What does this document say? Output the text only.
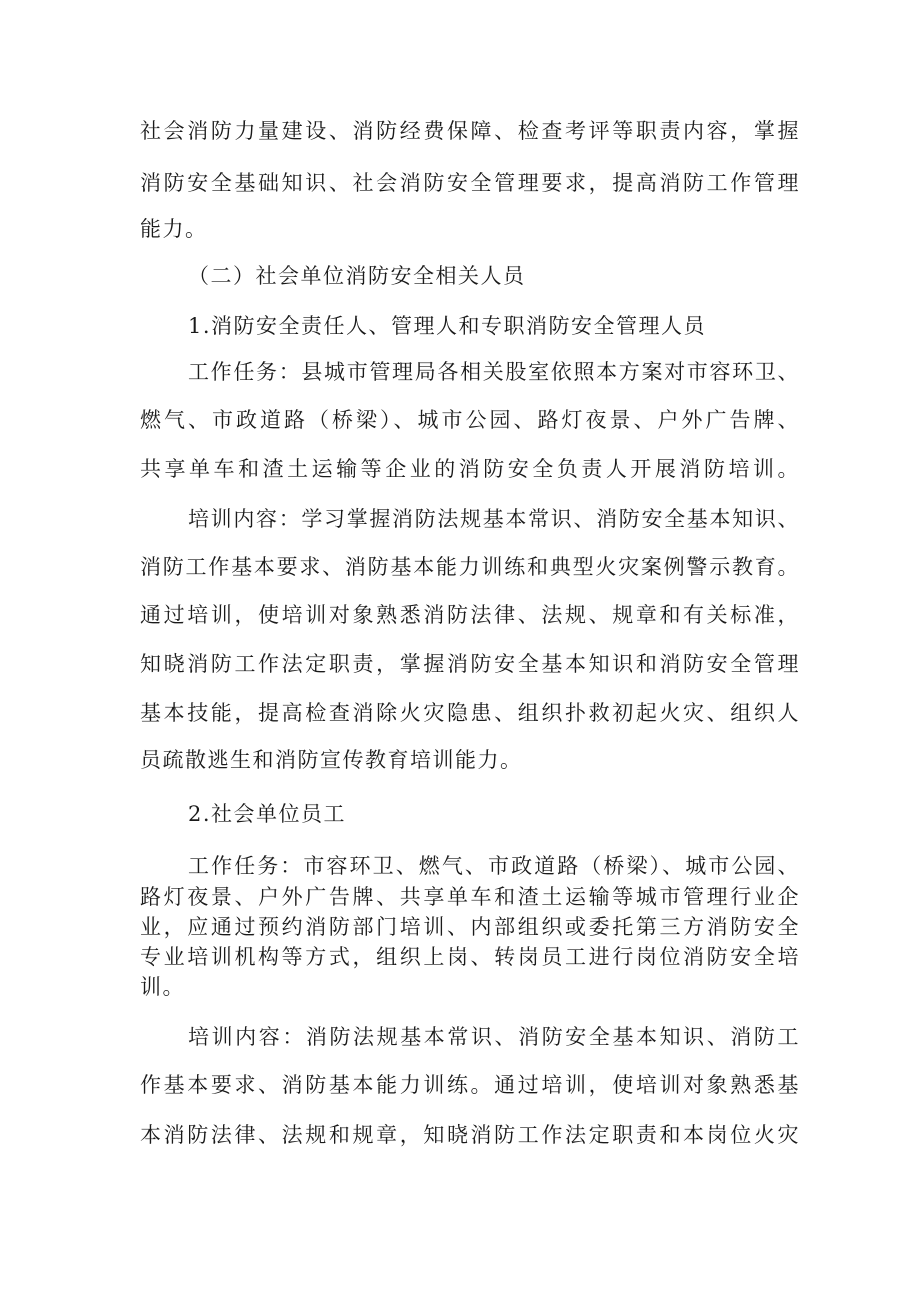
社会消防力量建设、消防经费保障、检查考评等职责内容，掌握
消防安全基础知识、社会消防安全管理要求，提高消防工作管理
能力。
（二）社会单位消防安全相关人员
1.消防安全责任人、管理人和专职消防安全管理人员
工作任务：县城市管理局各相关股室依照本方案对市容环卫、
燃气、市政道路（桥梁）、城市公园、路灯夜景、户外广告牌、
共享单车和渣土运输等企业的消防安全负责人开展消防培训。
培训内容：学习掌握消防法规基本常识、消防安全基本知识、
消防工作基本要求、消防基本能力训练和典型火灾案例警示教育。
通过培训，使培训对象熟悉消防法律、法规、规章和有关标准，
知晓消防工作法定职责，掌握消防安全基本知识和消防安全管理
基本技能，提高检查消除火灾隐患、组织扑救初起火灾、组织人
员疏散逃生和消防宣传教育培训能力。
2.社会单位员工
工作任务：市容环卫、燃气、市政道路（桥梁）、城市公园、
路灯夜景、户外广告牌、共享单车和渣土运输等城市管理行业企
业，应通过预约消防部门培训、内部组织或委托第三方消防安全
专业培训机构等方式，组织上岗、转岗员工进行岗位消防安全培
训。
培训内容：消防法规基本常识、消防安全基本知识、消防工
作基本要求、消防基本能力训练。通过培训，使培训对象熟悉基
本消防法律、法规和规章，知晓消防工作法定职责和本岗位火灾
